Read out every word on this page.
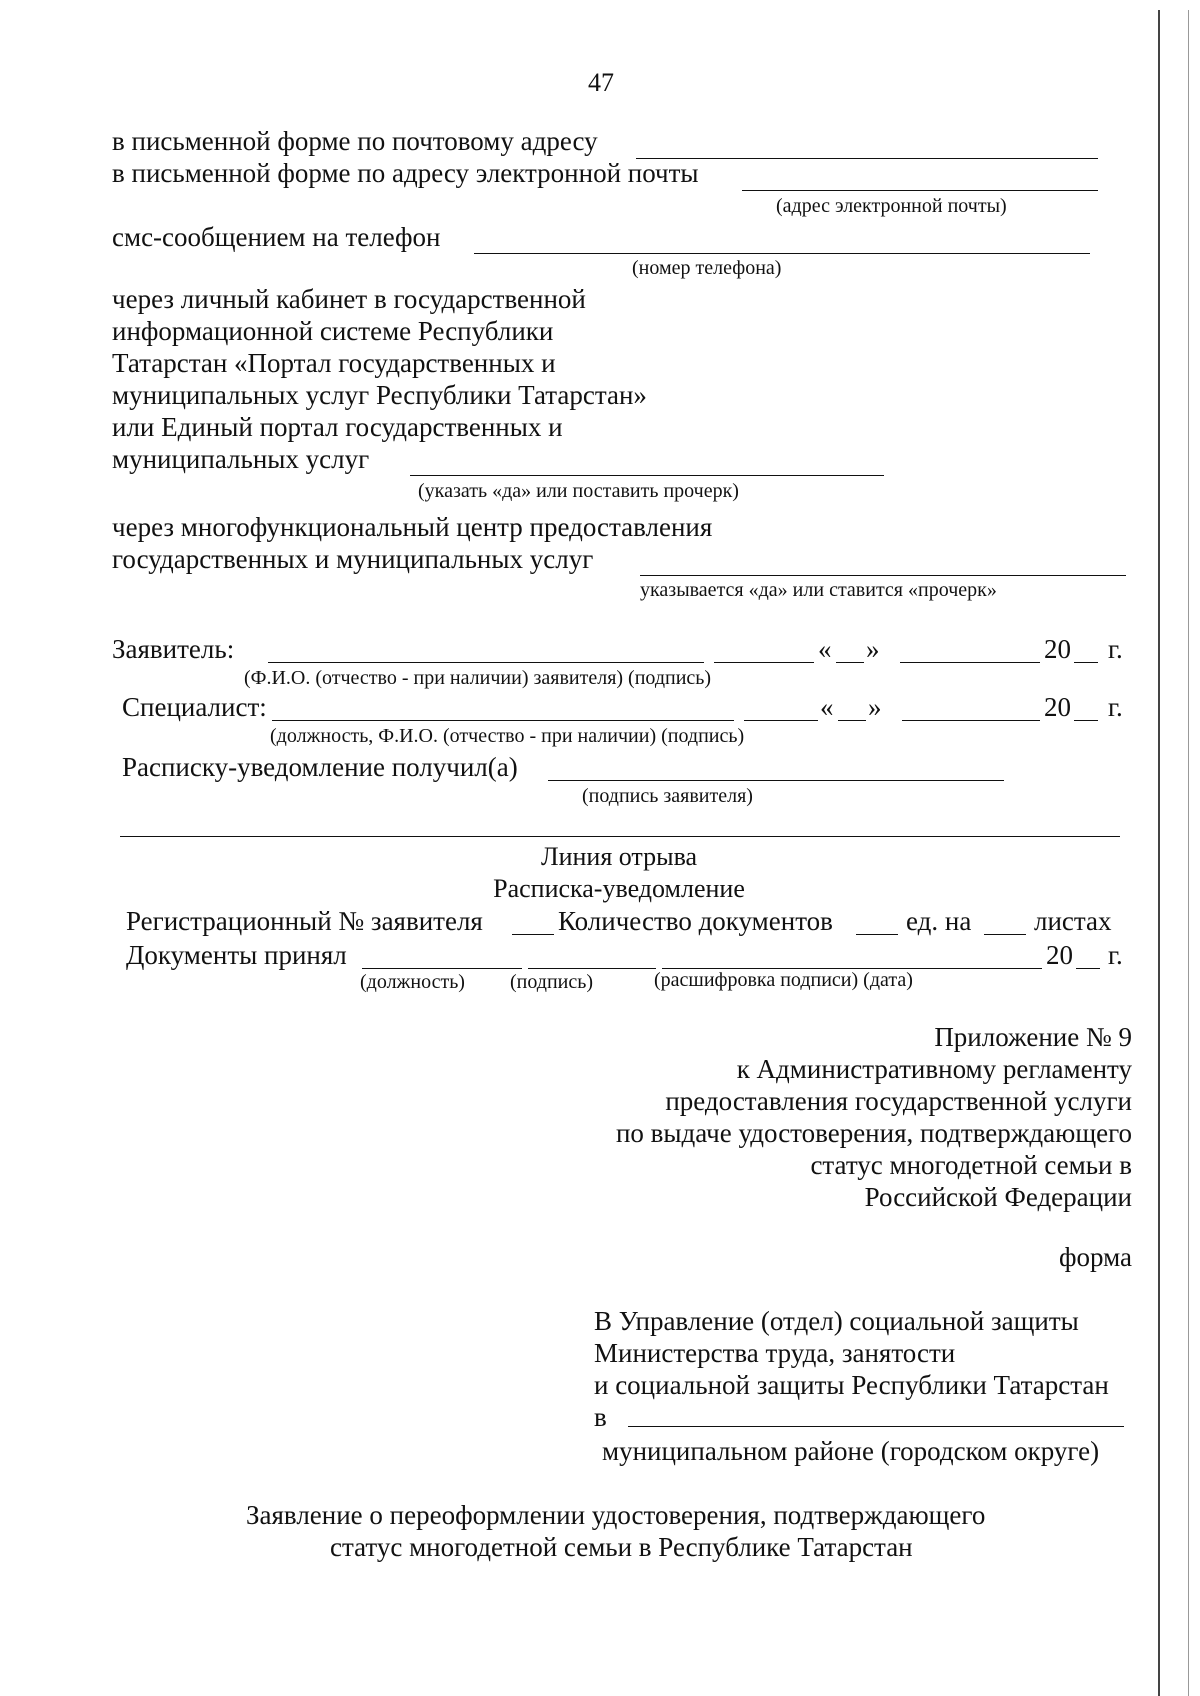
47
в письменной форме по почтовому адресу
в письменной форме по адресу электронной почты
(адрес электронной почты)
смс-сообщением на телефон
(номер телефона)
через личный кабинет в государственной
информационной системе Республики
Татарстан «Портал государственных и
муниципальных услуг Республики Татарстан»
или Единый портал государственных и
муниципальных услуг
(указать «да» или поставить прочерк)
через многофункциональный центр предоставления
государственных и муниципальных услуг
указывается «да» или ставится «прочерк»
Заявитель:	« »	20 г.
(Ф.И.О. (отчество - при наличии) заявителя) (подпись)
Специалист:	« »	20 г.
(должность, Ф.И.О. (отчество - при наличии) (подпись)
Расписку-уведомление получил(а)
(подпись заявителя)
Линия отрыва
Расписка-уведомление
Регистрационный № заявителя	Количество документов	ед. на листах
Документы принял	20 г.
(должность) (подпись)	(расшифровка подписи) (дата)
Приложение № 9
к Административному регламенту
предоставления государственной услуги
по выдаче удостоверения, подтверждающего
статус многодетной семьи в
Российской Федерации
форма
В Управление (отдел) социальной защиты
Министерства труда, занятости
и социальной защиты Республики Татарстан
в
муниципальном районе (городском округе)
Заявление о переоформлении удостоверения, подтверждающего
статус многодетной семьи в Республике Татарстан
